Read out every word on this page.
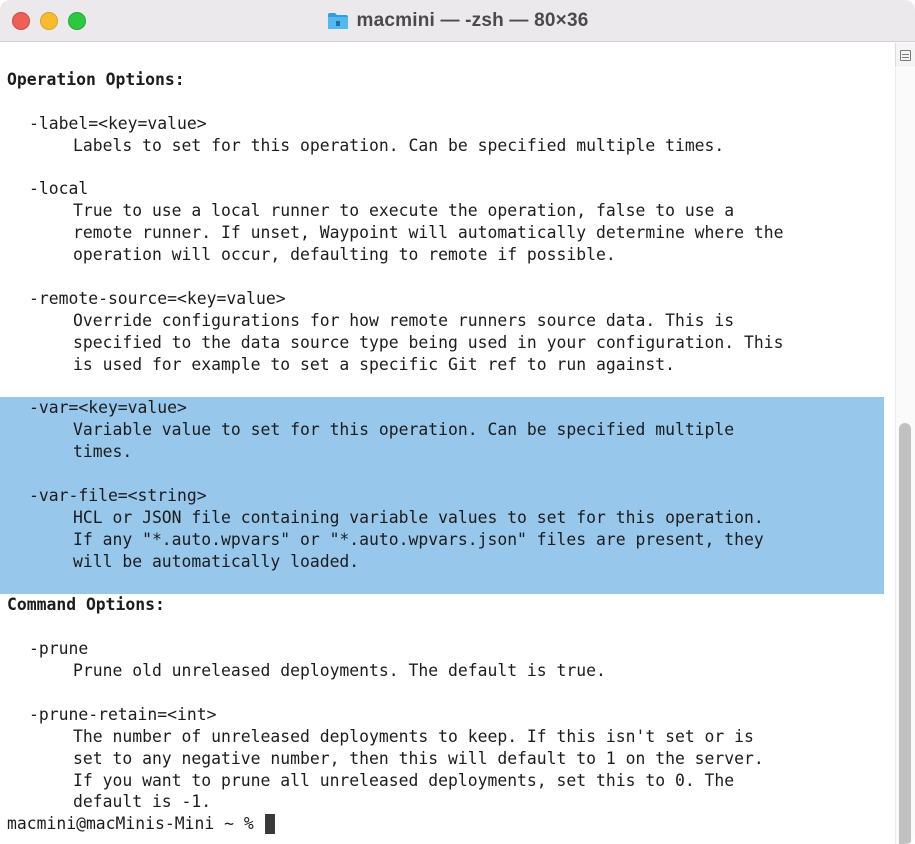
macmini — -zsh — 80×36
Operation Options:
-label=<key=value>
Labels to set for this operation. Can be specified multiple times.
-local
True to use a local runner to execute the operation, false to use a
remote runner. If unset, Waypoint will automatically determine where the
operation will occur, defaulting to remote if possible.
-remote-source=<key=value>
Override configurations for how remote runners source data. This is
specified to the data source type being used in your configuration. This
is used for example to set a specific Git ref to run against.
-var=<key=value>
Variable value to set for this operation. Can be specified multiple
times.
-var-file=<string>
HCL or JSON file containing variable values to set for this operation.
If any "*.auto.wpvars" or "*.auto.wpvars.json" files are present, they
will be automatically loaded.
Command Options:
-prune
Prune old unreleased deployments. The default is true.
-prune-retain=<int>
The number of unreleased deployments to keep. If this isn't set or is
set to any negative number, then this will default to 1 on the server.
If you want to prune all unreleased deployments, set this to 0. The
default is -1.
macmini@macMinis-Mini ~ %
